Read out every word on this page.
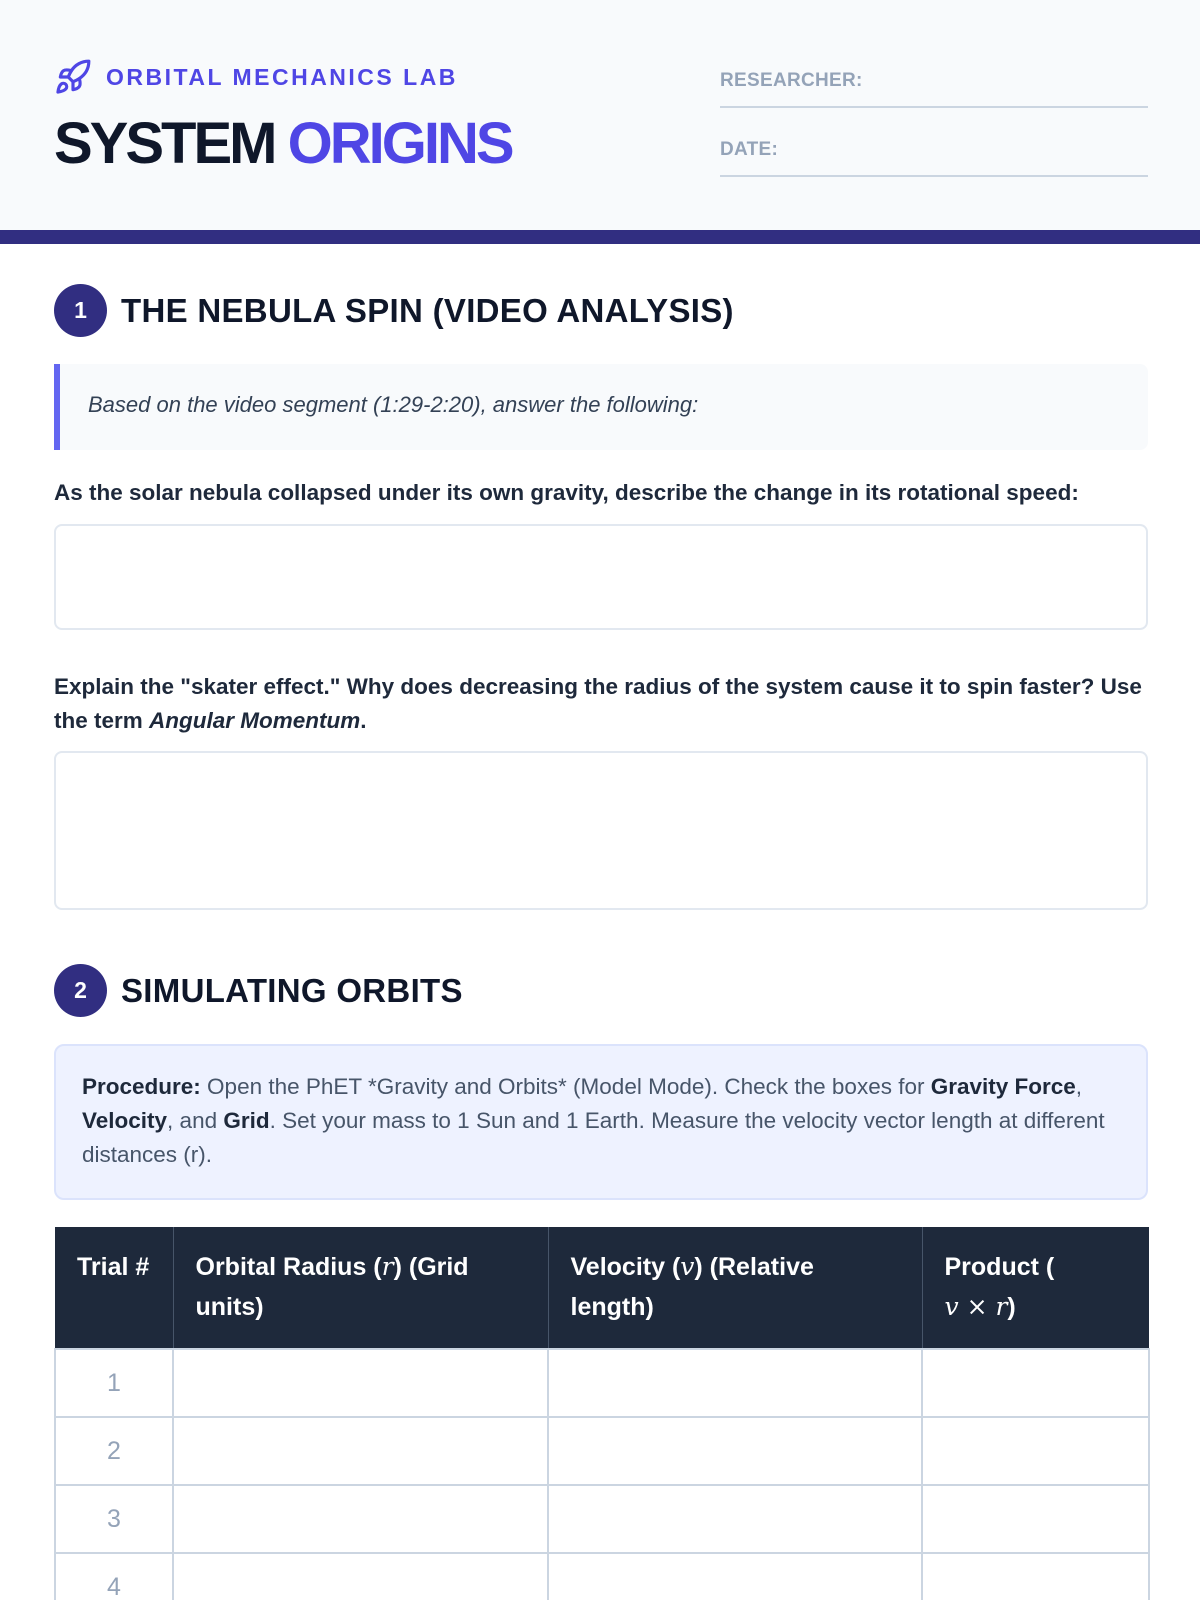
ORBITAL MECHANICS LAB
SYSTEM ORIGINS
RESEARCHER:
DATE:
1	THE NEBULA SPIN (VIDEO ANALYSIS)
Based on the video segment (1:29-2:20), answer the following:

As the solar nebula collapsed under its own gravity, describe the change in its rotational speed:

Explain the "skater effect." Why does decreasing the radius of the system cause it to spin faster? Use the term Angular Momentum.

2	SIMULATING ORBITS
Procedure: Open the PhET *Gravity and Orbits* (Model Mode). Check the boxes for Gravity Force, Velocity, and Grid. Set your mass to 1 Sun and 1 Earth. Measure the velocity vector length at different distances (r).
Trial #	Orbital Radius (r) (Grid units)	Velocity (v) (Relative length)	Product (
v × r)
1			
2			
3			
4			
